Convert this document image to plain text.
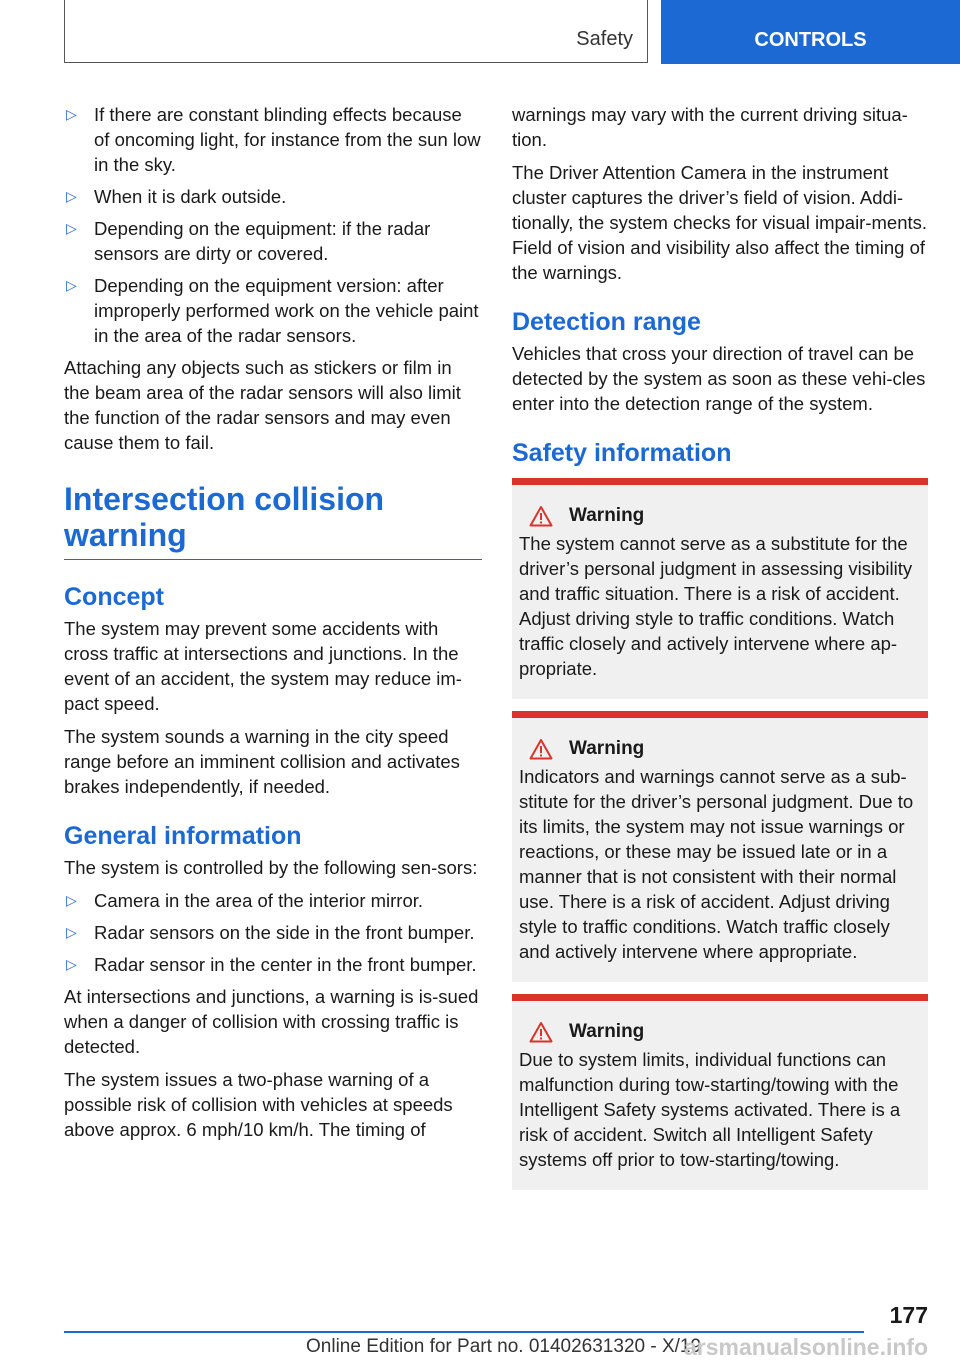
Safety	CONTROLS
▷ If there are constant blinding effects because of oncoming light, for instance from the sun low in the sky.
▷ When it is dark outside.
▷ Depending on the equipment: if the radar sensors are dirty or covered.
▷ Depending on the equipment version: after improperly performed work on the vehicle paint in the area of the radar sensors.

Attaching any objects such as stickers or film in the beam area of the radar sensors will also limit the function of the radar sensors and may even cause them to fail.

Intersection collision warning
Concept

The system may prevent some accidents with cross traffic at intersections and junctions. In the event of an accident, the system may reduce im-pact speed.

The system sounds a warning in the city speed range before an imminent collision and activates brakes independently, if needed.

General information

The system is controlled by the following sen-sors:

▷ Camera in the area of the interior mirror.
▷ Radar sensors on the side in the front bumper.
▷ Radar sensor in the center in the front bumper.

At intersections and junctions, a warning is is-sued when a danger of collision with crossing traffic is detected.

The system issues a two-phase warning of a possible risk of collision with vehicles at speeds above approx. 6 mph/10 km/h. The timing of

warnings may vary with the current driving situa-tion.

The Driver Attention Camera in the instrument cluster captures the driver’s field of vision. Addi-tionally, the system checks for visual impair-ments. Field of vision and visibility also affect the timing of the warnings.

Detection range

Vehicles that cross your direction of travel can be detected by the system as soon as these vehi-cles enter into the detection range of the system.

Safety information
Warning

The system cannot serve as a substitute for the driver’s personal judgment in assessing visibility and traffic situation. There is a risk of accident. Adjust driving style to traffic conditions. Watch traffic closely and actively intervene where ap-propriate.

Warning

Indicators and warnings cannot serve as a sub-stitute for the driver’s personal judgment. Due to its limits, the system may not issue warnings or reactions, or these may be issued late or in a manner that is not consistent with their normal use. There is a risk of accident. Adjust driving style to traffic conditions. Watch traffic closely and actively intervene where appropriate.

Warning

Due to system limits, individual functions can malfunction during tow-starting/towing with the Intelligent Safety systems activated. There is a risk of accident. Switch all Intelligent Safety systems off prior to tow-starting/towing.

177
Online Edition for Part no. 01402631320 - X/19
arsmanualsonline.info
